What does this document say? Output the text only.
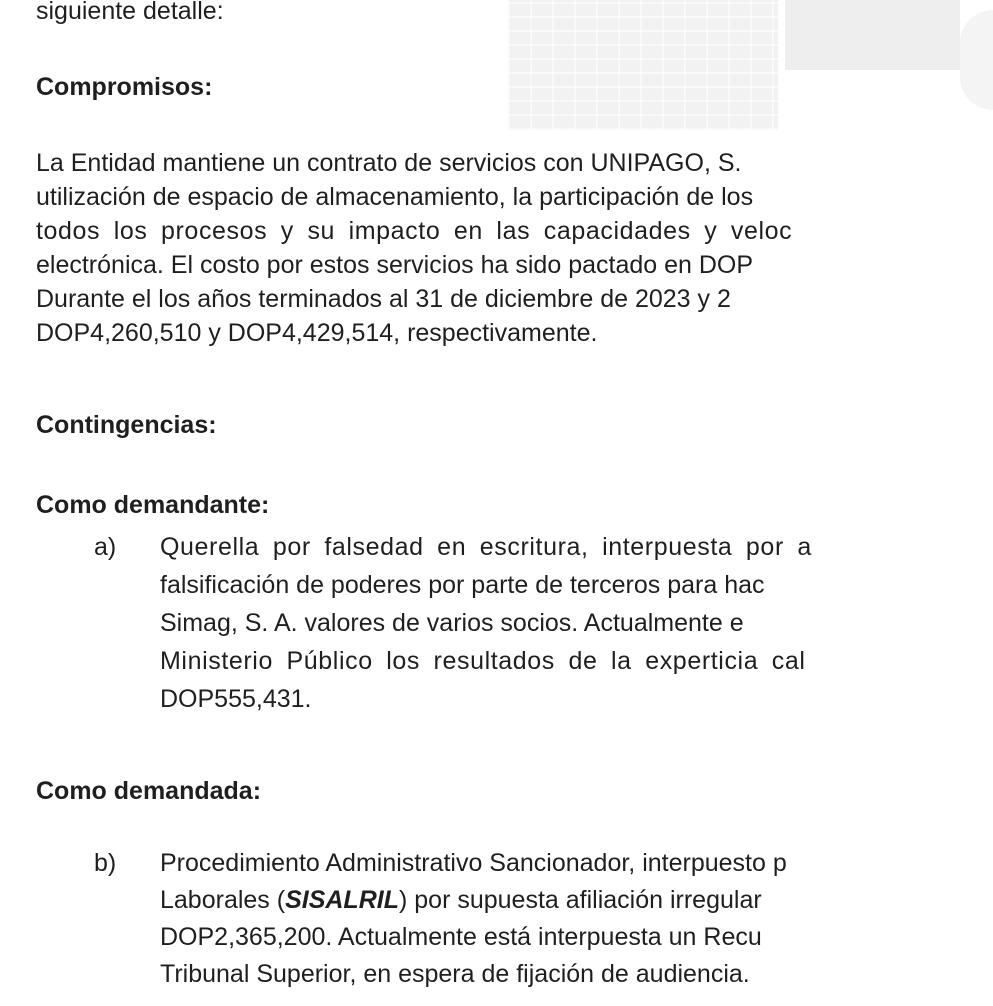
siguiente detalle:
Compromisos:
La Entidad mantiene un contrato de servicios con UNIPAGO, S.
utilización de espacio de almacenamiento, la participación de los
todos los procesos y su impacto en las capacidades y veloc
electrónica. El costo por estos servicios ha sido pactado en DOP
Durante el los años terminados al 31 de diciembre de 2023 y 2
DOP4,260,510 y DOP4,429,514, respectivamente.
Contingencias:
Como demandante:
a) Querella por falsedad en escritura, interpuesta por a
falsificación de poderes por parte de terceros para hac
Simag, S. A. valores de varios socios. Actualmente e
Ministerio Público los resultados de la experticia cal
DOP555,431.
Como demandada:
b) Procedimiento Administrativo Sancionador, interpuesto p
Laborales (SISALRIL) por supuesta afiliación irregular
DOP2,365,200. Actualmente está interpuesta un Recu
Tribunal Superior, en espera de fijación de audiencia.
